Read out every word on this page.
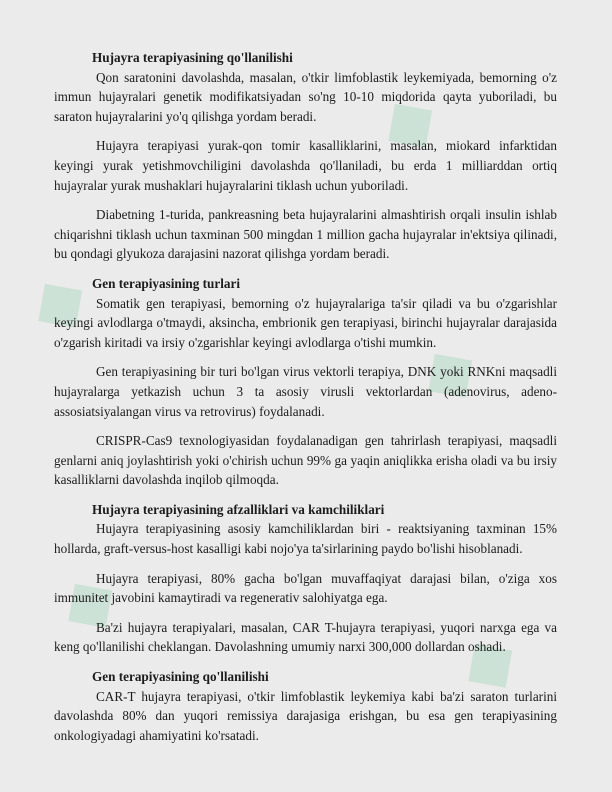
◆
◆
◆
◆
◆
Hujayra terapiyasining qo'llanilishi

Qon saratonini davolashda, masalan, o'tkir limfoblastik leykemiyada, bemorning o'z immun hujayralari genetik modifikatsiyadan so'ng 10-10 miqdorida qayta yuboriladi, bu saraton hujayralarini yo'q qilishga yordam beradi.

Hujayra terapiyasi yurak-qon tomir kasalliklarini, masalan, miokard infarktidan keyingi yurak yetishmovchiligini davolashda qo'llaniladi, bu erda 1 milliarddan ortiq hujayralar yurak mushaklari hujayralarini tiklash uchun yuboriladi.

Diabetning 1-turida, pankreasning beta hujayralarini almashtirish orqali insulin ishlab chiqarishni tiklash uchun taxminan 500 mingdan 1 million gacha hujayralar in'ektsiya qilinadi, bu qondagi glyukoza darajasini nazorat qilishga yordam beradi.

Gen terapiyasining turlari

Somatik gen terapiyasi, bemorning o'z hujayralariga ta'sir qiladi va bu o'zgarishlar keyingi avlodlarga o'tmaydi, aksincha, embrionik gen terapiyasi, birinchi hujayralar darajasida o'zgarish kiritadi va irsiy o'zgarishlar keyingi avlodlarga o'tishi mumkin.

Gen terapiyasining bir turi bo'lgan virus vektorli terapiya, DNK yoki RNKni maqsadli hujayralarga yetkazish uchun 3 ta asosiy virusli vektorlardan (adenovirus, adeno-assosiatsiyalangan virus va retrovirus) foydalanadi.

CRISPR-Cas9 texnologiyasidan foydalanadigan gen tahrirlash terapiyasi, maqsadli genlarni aniq joylashtirish yoki o'chirish uchun 99% ga yaqin aniqlikka erisha oladi va bu irsiy kasalliklarni davolashda inqilob qilmoqda.

Hujayra terapiyasining afzalliklari va kamchiliklari

Hujayra terapiyasining asosiy kamchiliklardan biri - reaktsiyaning taxminan 15% hollarda, graft-versus-host kasalligi kabi nojo'ya ta'sirlarining paydo bo'lishi hisoblanadi.

Hujayra terapiyasi, 80% gacha bo'lgan muvaffaqiyat darajasi bilan, o'ziga xos immunitet javobini kamaytiradi va regenerativ salohiyatga ega.

Ba'zi hujayra terapiyalari, masalan, CAR T-hujayra terapiyasi, yuqori narxga ega va keng qo'llanilishi cheklangan. Davolashning umumiy narxi 300,000 dollardan oshadi.

Gen terapiyasining qo'llanilishi

CAR-T hujayra terapiyasi, o'tkir limfoblastik leykemiya kabi ba'zi saraton turlarini davolashda 80% dan yuqori remissiya darajasiga erishgan, bu esa gen terapiyasining onkologiyadagi ahamiyatini ko'rsatadi.
